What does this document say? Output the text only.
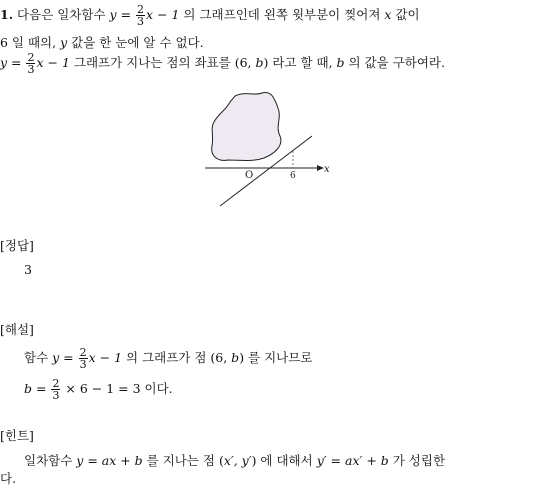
1. 다음은 일차함수 $y = \frac{2}{3}$ x − 1 의 그래프인데 왼쪽 윗부분이 찢어져 x 값이
6 일 때의, y 값을 한 눈에 알 수 없다.
$y = \frac{2}{3}$ x − 1 그래프가 지나는 점의 좌표를 (6, b) 라고 할 때, b 의 값을 구하여라.
O	6
x
[정답]
3
[해설]
함수 $y = \frac{2}{3}$ x − 1 의 그래프가 점 (6, b) 를 지나므로
$b = \frac{2}{3} \times 6 - 1 = 3$ 이다.
[힌트]
일차함수 y = ax + b 를 지나는 점 (x′, y′) 에 대해서 y′ = ax′ + b 가 성립한
다.
